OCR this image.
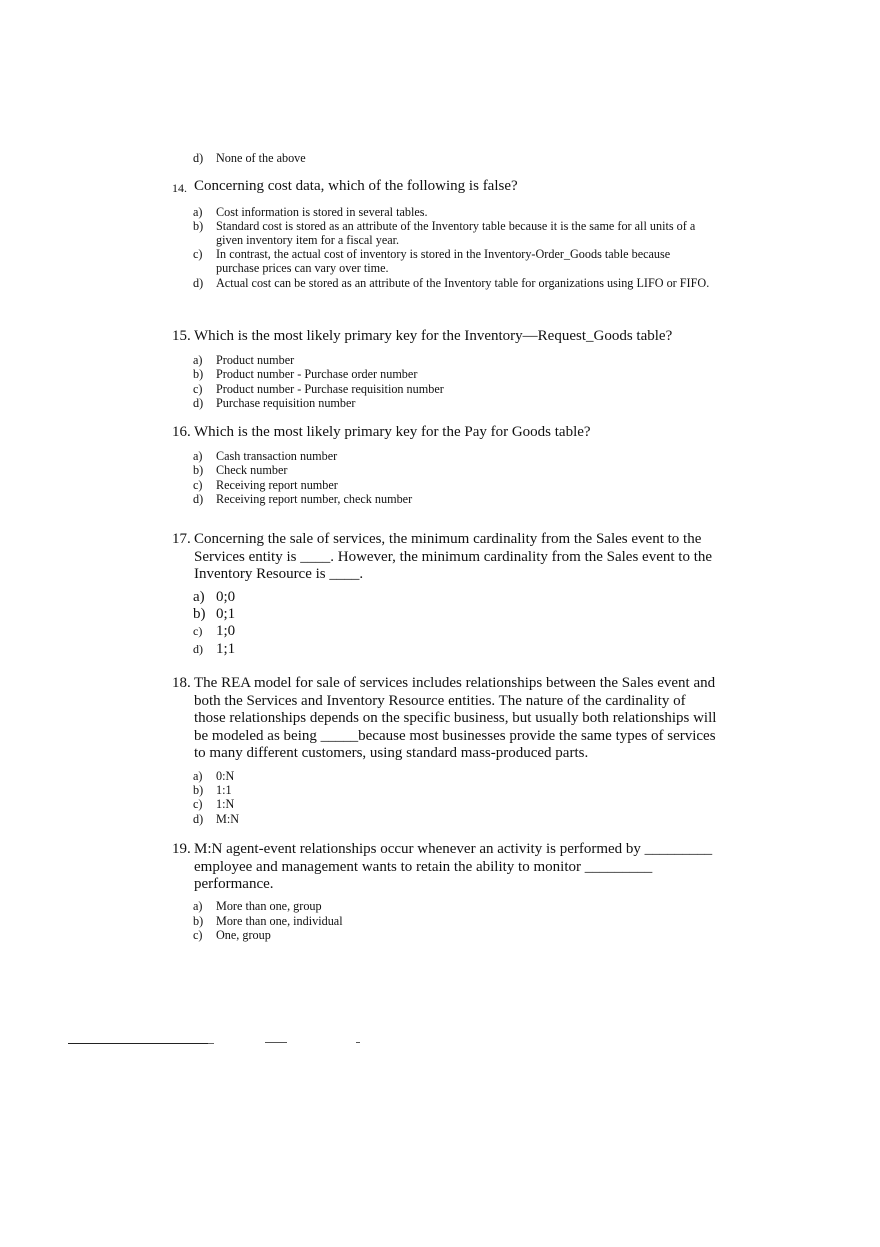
d)	None of the above
14. Concerning cost data, which of the following is false?
a)	Cost information is stored in several tables.
b)	Standard cost is stored as an attribute of the Inventory table because it is the same for all units of a given inventory item for a fiscal year.
c)	In contrast, the actual cost of inventory is stored in the Inventory-Order_Goods table because purchase prices can vary over time.
d)	Actual cost can be stored as an attribute of the Inventory table for organizations using LIFO or FIFO.
15. Which is the most likely primary key for the Inventory—Request_Goods table?
a)	Product number
b)	Product number - Purchase order number
c)	Product number - Purchase requisition number
d)	Purchase requisition number
16. Which is the most likely primary key for the Pay for Goods table?
a)	Cash transaction number
b)	Check number
c)	Receiving report number
d)	Receiving report number, check number
17. Concerning the sale of services, the minimum cardinality from the Sales event to the Services entity is ____. However, the minimum cardinality from the Sales event to the Inventory Resource is ____.
a) 0;0
b) 0;1
c) 1;0
d) 1;1
18. The REA model for sale of services includes relationships between the Sales event and both the Services and Inventory Resource entities. The nature of the cardinality of those relationships depends on the specific business, but usually both relationships will be modeled as being _____because most businesses provide the same types of services to many different customers, using standard mass-produced parts.
a)	0:N
b)	1:1
c)	1:N
d)	M:N
19. M:N agent-event relationships occur whenever an activity is performed by _________ employee and management wants to retain the ability to monitor _________ performance.
a)	More than one, group
b)	More than one, individual
c)	One, group
